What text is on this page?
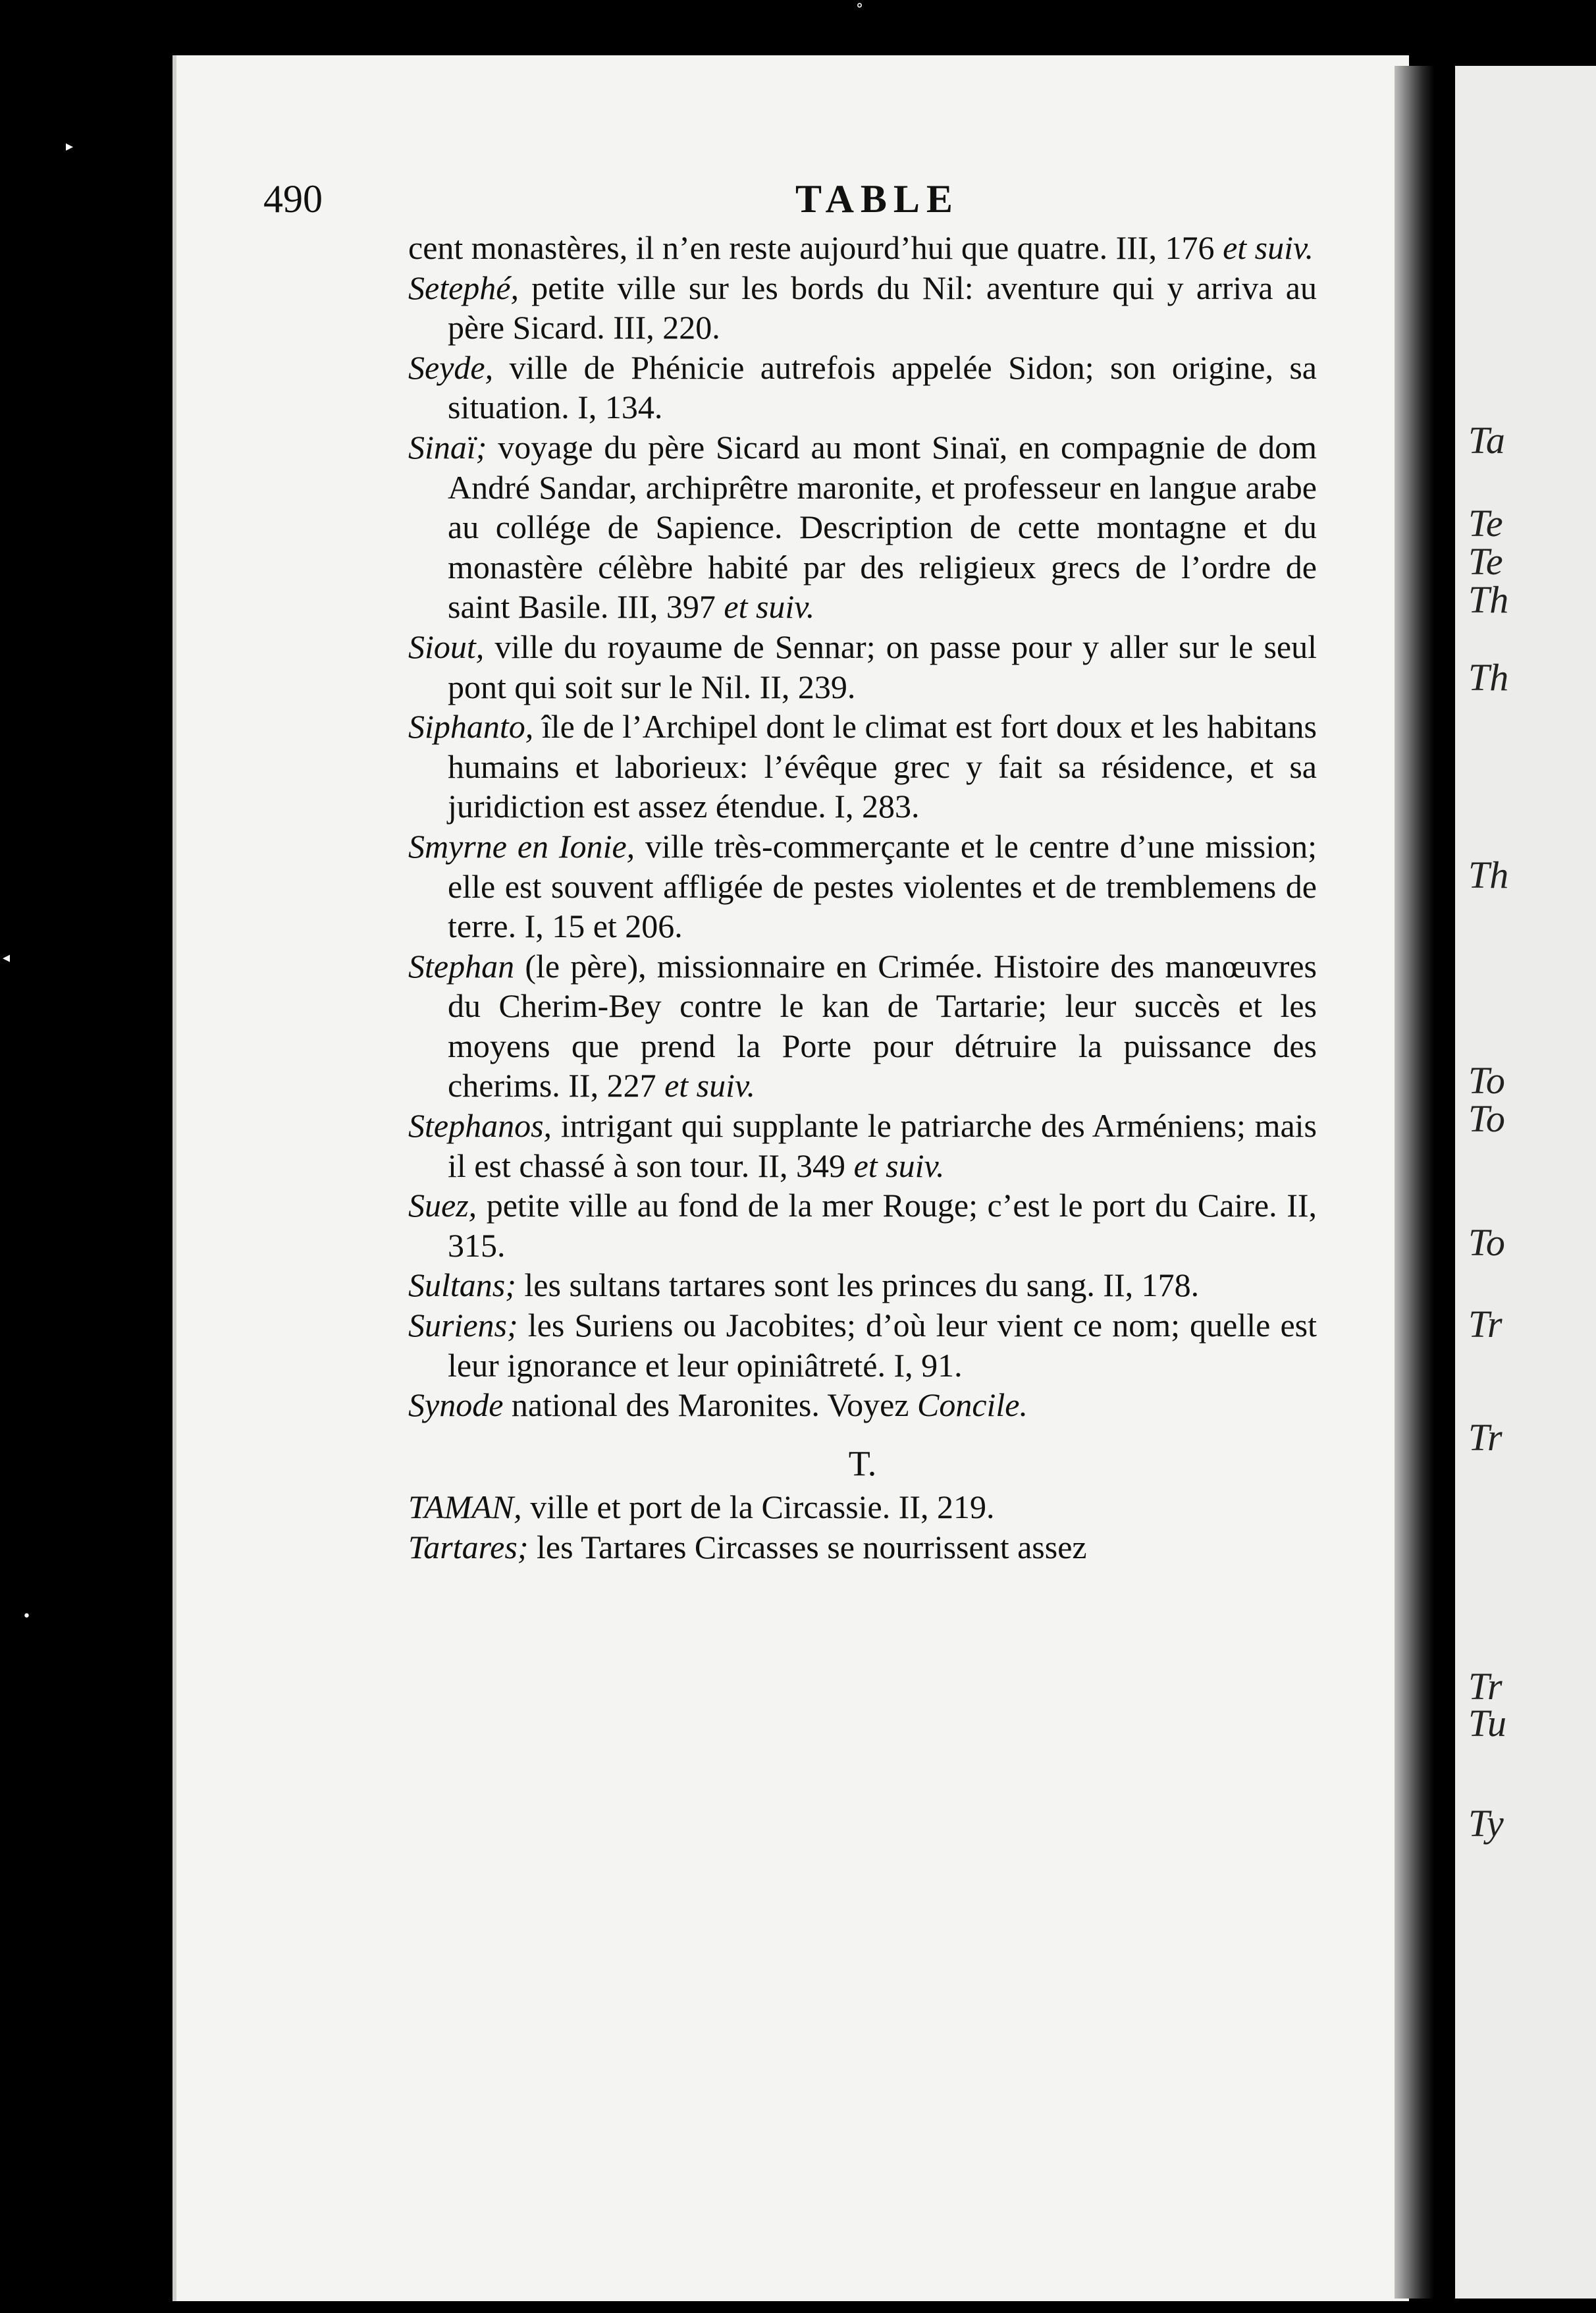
°
▸
◂
•
Ta
Te
Te
Th
Th
Th
To
To
To
Tr
Tr
Tr
Tu
Ty
490	TABLE
cent monastères, il n’en reste aujourd’hui que quatre. III, 176 et suiv.
Setephé, petite ville sur les bords du Nil: aventure qui y arriva au père Sicard. III, 220.
Seyde, ville de Phénicie autrefois appelée Sidon; son origine, sa situation. I, 134.
Sinaï; voyage du père Sicard au mont Sinaï, en compagnie de dom André Sandar, archiprêtre maronite, et professeur en langue arabe au collége de Sapience. Description de cette montagne et du monastère célèbre habité par des religieux grecs de l’ordre de saint Basile. III, 397 et suiv.
Siout, ville du royaume de Sennar; on passe pour y aller sur le seul pont qui soit sur le Nil. II, 239.
Siphanto, île de l’Archipel dont le climat est fort doux et les habitans humains et laborieux: l’évêque grec y fait sa résidence, et sa juridiction est assez étendue. I, 283.
Smyrne en Ionie, ville très-commerçante et le centre d’une mission; elle est souvent affligée de pestes violentes et de tremblemens de terre. I, 15 et 206.
Stephan (le père), missionnaire en Crimée. Histoire des manœuvres du Cherim-Bey contre le kan de Tartarie; leur succès et les moyens que prend la Porte pour détruire la puissance des cherims. II, 227 et suiv.
Stephanos, intrigant qui supplante le patriarche des Arméniens; mais il est chassé à son tour. II, 349 et suiv.
Suez, petite ville au fond de la mer Rouge; c’est le port du Caire. II, 315.
Sultans; les sultans tartares sont les princes du sang. II, 178.
Suriens; les Suriens ou Jacobites; d’où leur vient ce nom; quelle est leur ignorance et leur opiniâtreté. I, 91.
Synode national des Maronites. Voyez Concile.
T.
TAMAN, ville et port de la Circassie. II, 219.
Tartares; les Tartares Circasses se nourrissent assez
